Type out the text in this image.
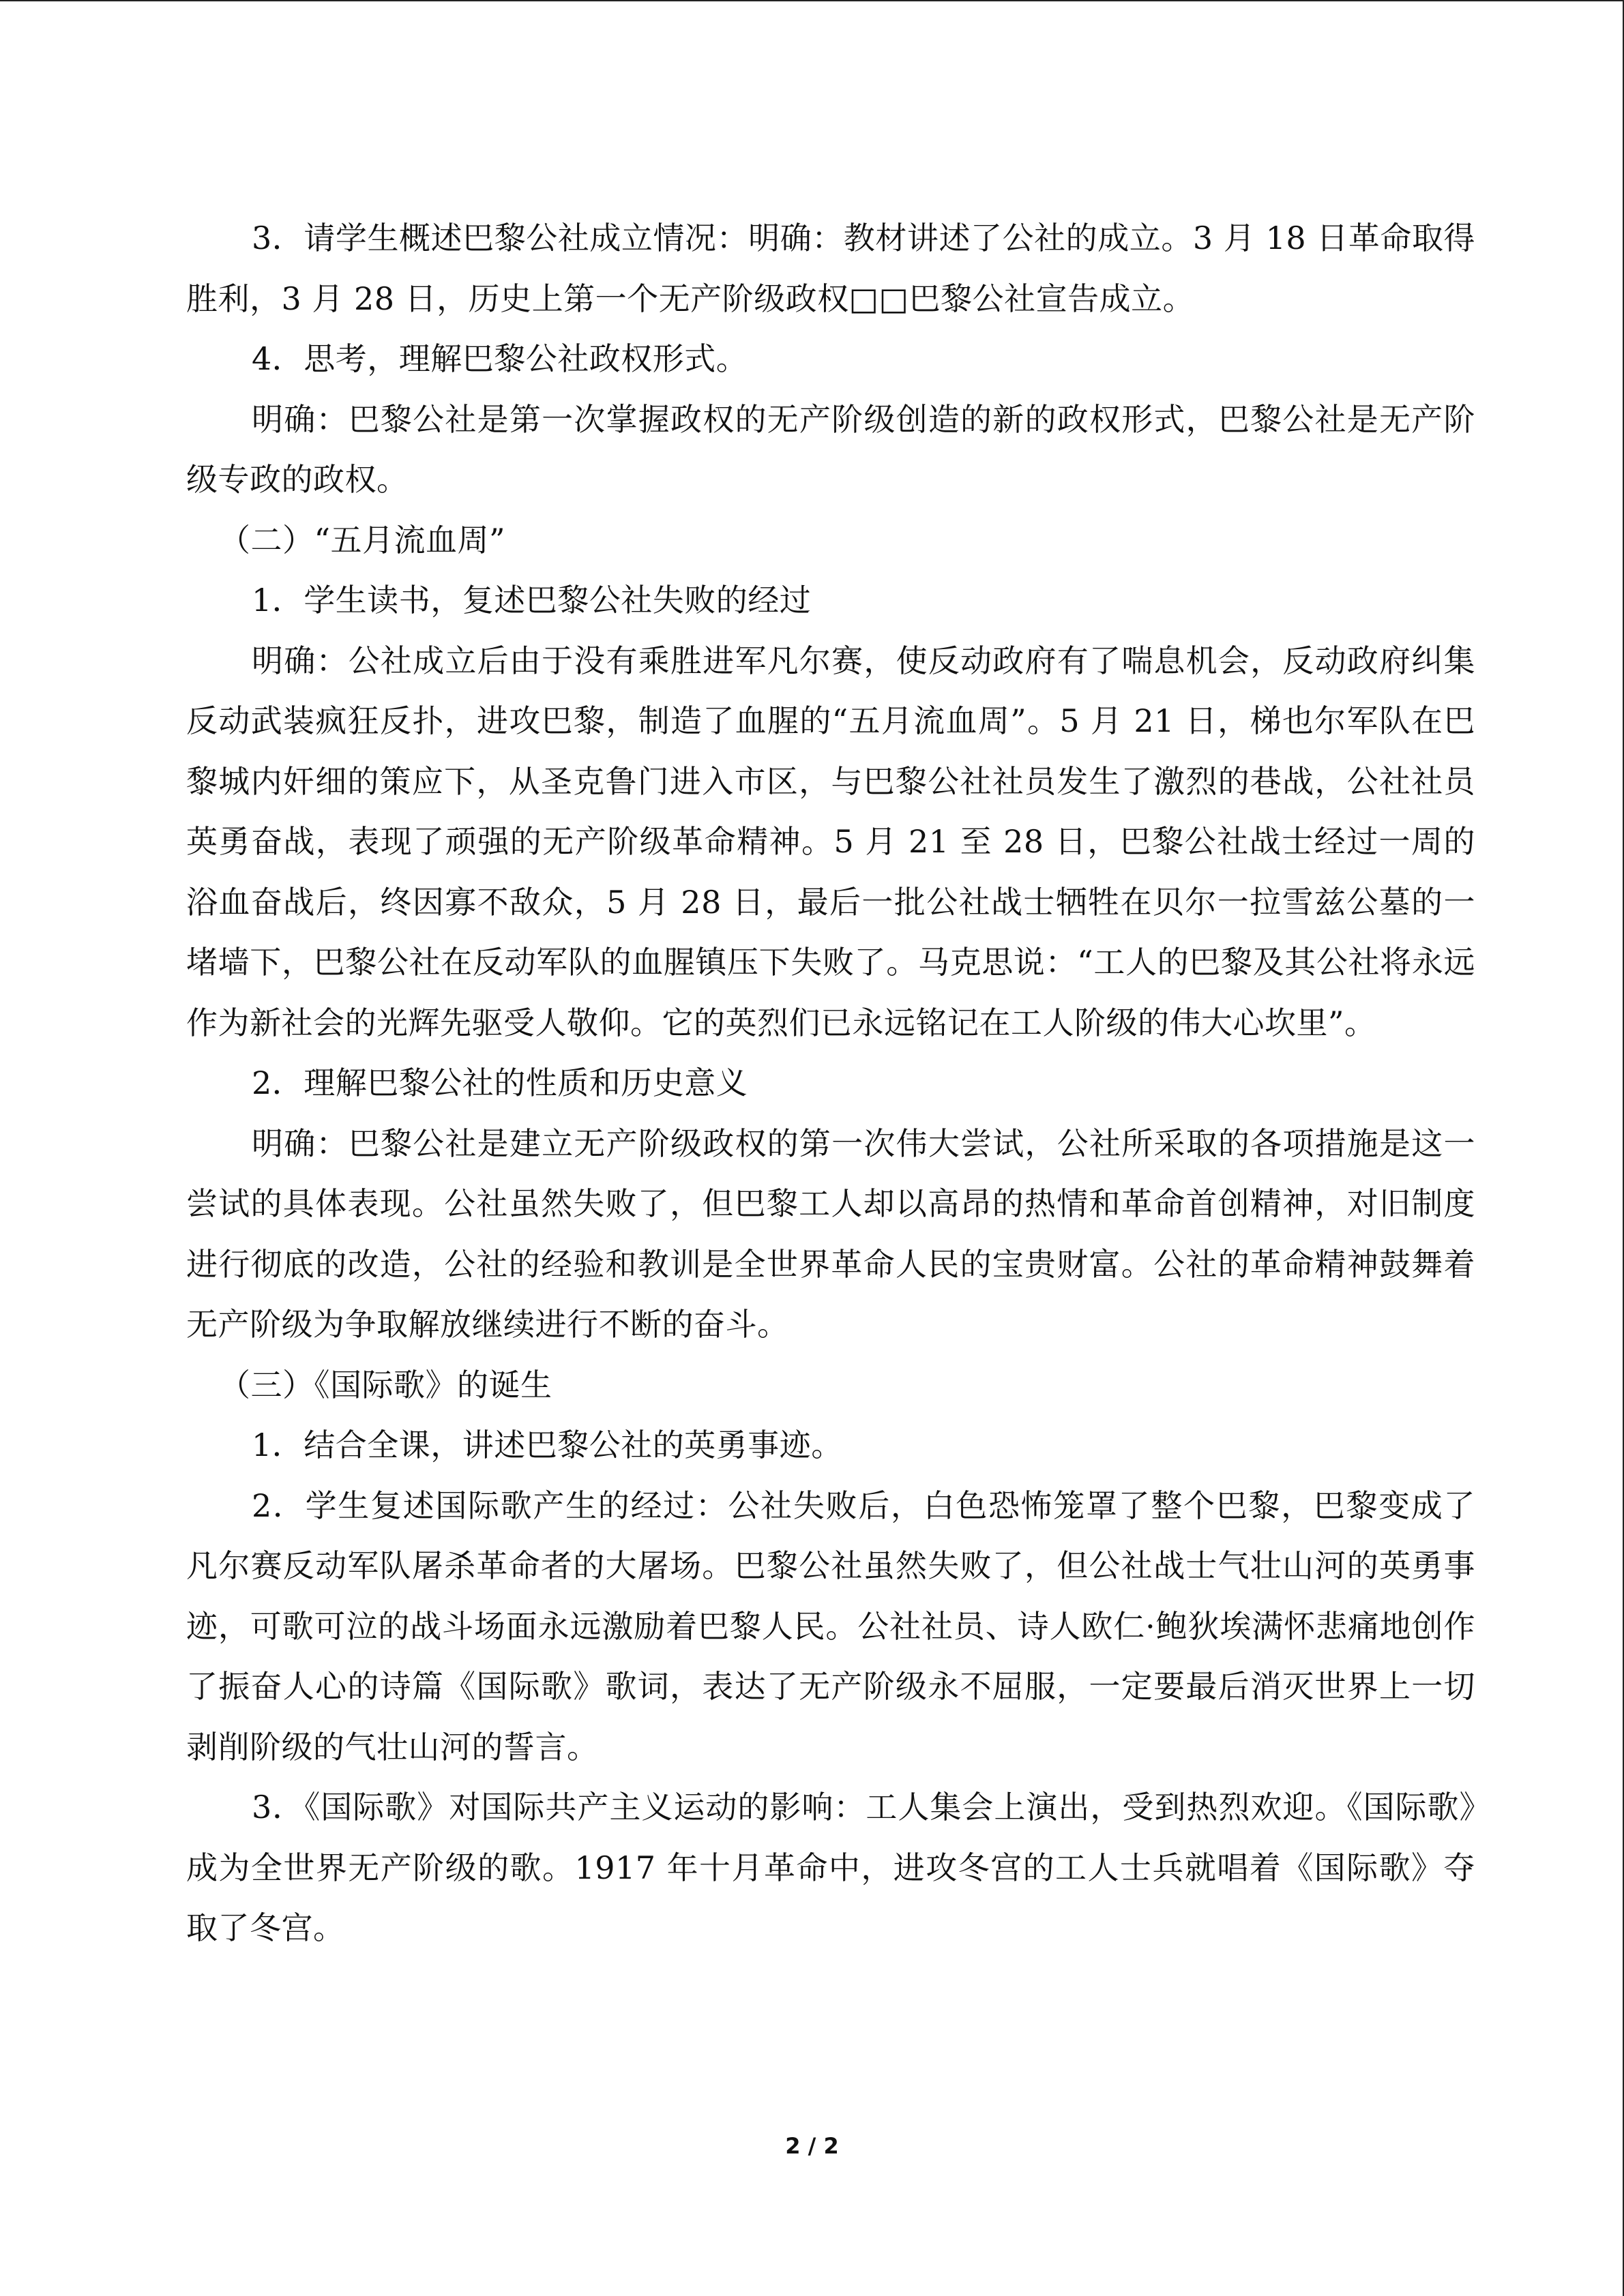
3．请学生概述巴黎公社成立情况：明确：教材讲述了公社的成立。3 月 18 日革命取得胜利，3 月 28 日，历史上第一个无产阶级政权□□巴黎公社宣告成立。

4．思考，理解巴黎公社政权形式。

明确：巴黎公社是第一次掌握政权的无产阶级创造的新的政权形式，巴黎公社是无产阶级专政的政权。

（二）“五月流血周”

1．学生读书，复述巴黎公社失败的经过

明确：公社成立后由于没有乘胜进军凡尔赛，使反动政府有了喘息机会，反动政府纠集反动武装疯狂反扑，进攻巴黎，制造了血腥的“五月流血周”。5 月 21 日，梯也尔军队在巴黎城内奸细的策应下，从圣克鲁门进入市区，与巴黎公社社员发生了激烈的巷战，公社社员英勇奋战，表现了顽强的无产阶级革命精神。5 月 21 至 28 日，巴黎公社战士经过一周的浴血奋战后，终因寡不敌众，5 月 28 日，最后一批公社战士牺牲在贝尔一拉雪兹公墓的一堵墙下，巴黎公社在反动军队的血腥镇压下失败了。马克思说：“工人的巴黎及其公社将永远作为新社会的光辉先驱受人敬仰。它的英烈们已永远铭记在工人阶级的伟大心坎里”。

2．理解巴黎公社的性质和历史意义

明确：巴黎公社是建立无产阶级政权的第一次伟大尝试，公社所采取的各项措施是这一尝试的具体表现。公社虽然失败了，但巴黎工人却以高昂的热情和革命首创精神，对旧制度进行彻底的改造，公社的经验和教训是全世界革命人民的宝贵财富。公社的革命精神鼓舞着无产阶级为争取解放继续进行不断的奋斗。

（三）《国际歌》的诞生

1．结合全课，讲述巴黎公社的英勇事迹。

2．学生复述国际歌产生的经过：公社失败后，白色恐怖笼罩了整个巴黎，巴黎变成了凡尔赛反动军队屠杀革命者的大屠场。巴黎公社虽然失败了，但公社战士气壮山河的英勇事迹，可歌可泣的战斗场面永远激励着巴黎人民。公社社员、诗人欧仁·鲍狄埃满怀悲痛地创作了振奋人心的诗篇《国际歌》歌词，表达了无产阶级永不屈服，一定要最后消灭世界上一切剥削阶级的气壮山河的誓言。

3．《国际歌》对国际共产主义运动的影响：工人集会上演出，受到热烈欢迎。《国际歌》成为全世界无产阶级的歌。1917 年十月革命中，进攻冬宫的工人士兵就唱着《国际歌》夺取了冬宫。

2 / 2
